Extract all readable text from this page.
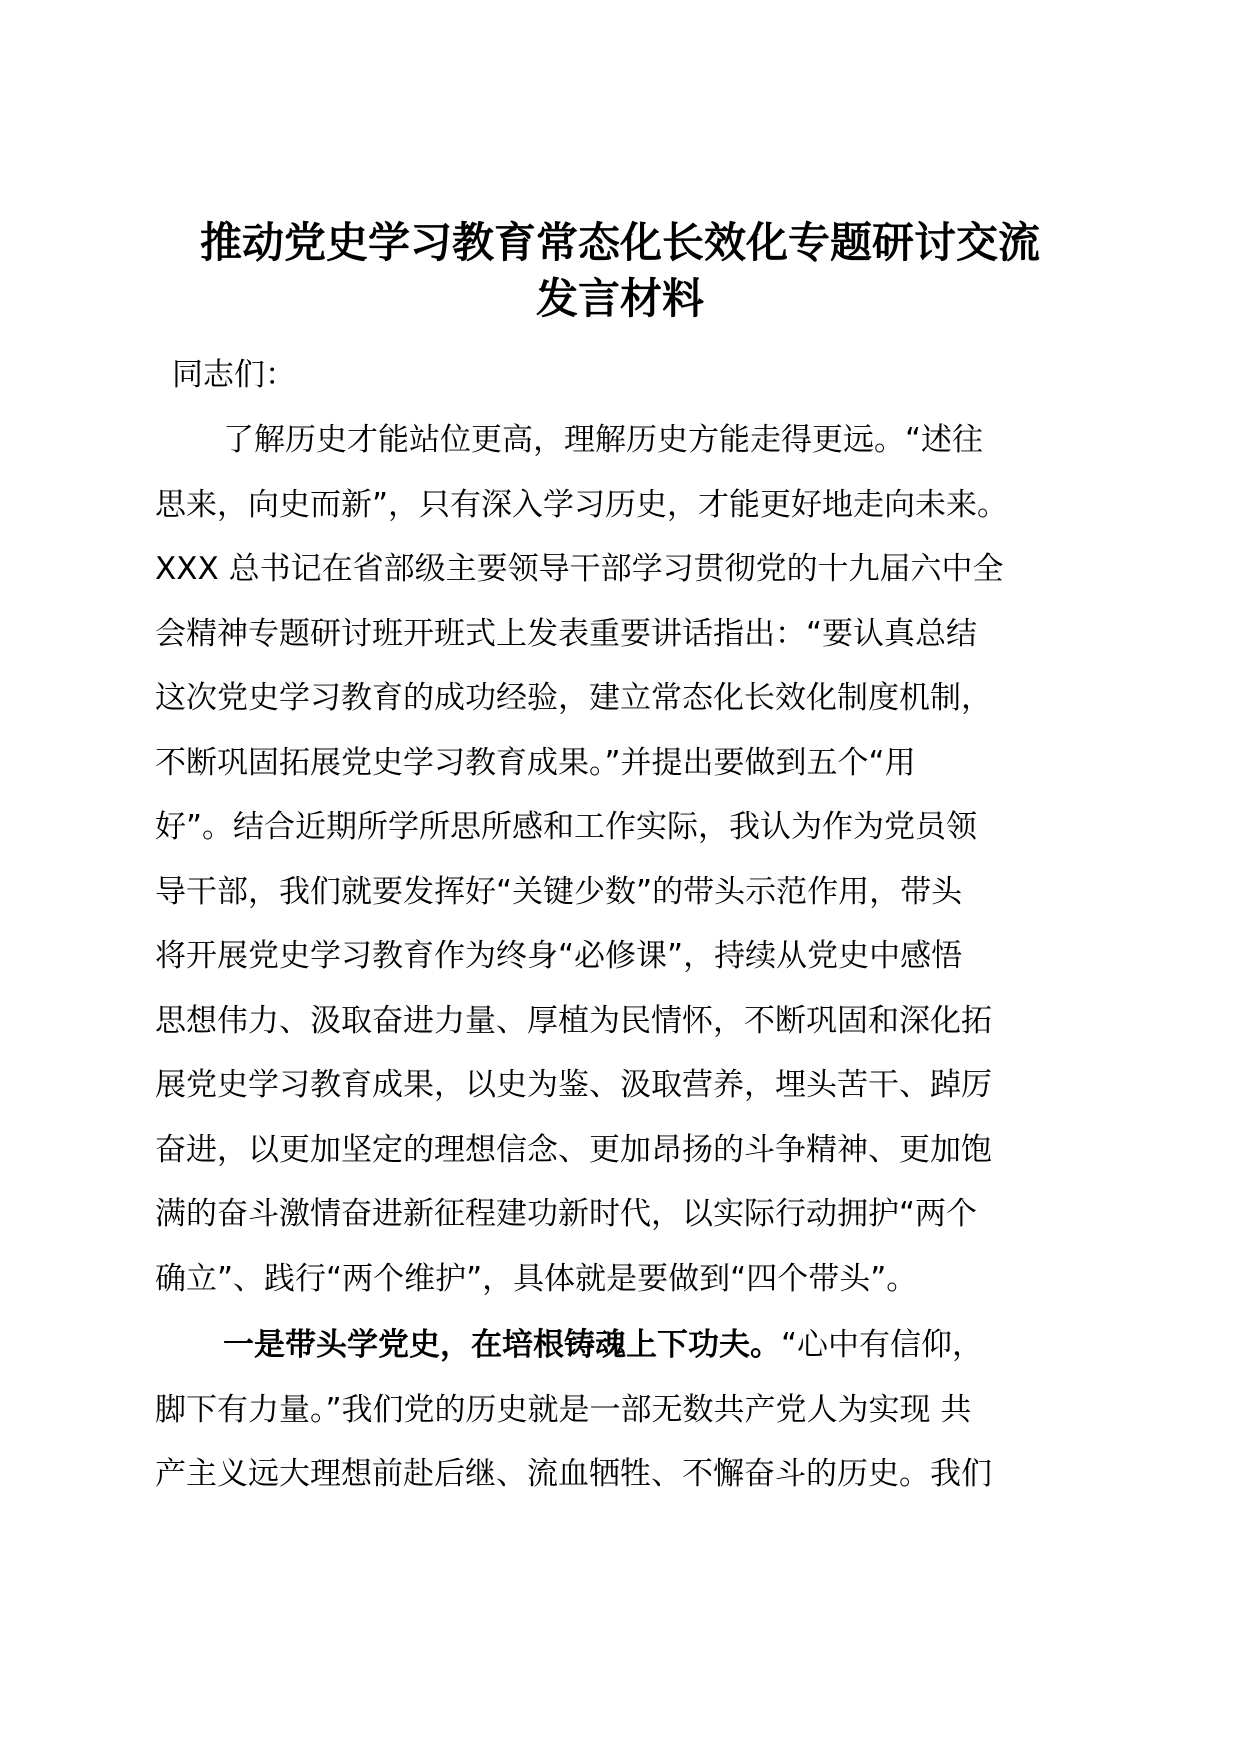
推动党史学习教育常态化长效化专题研讨交流
发言材料

同志们：

了解历史才能站位更高，理解历史方能走得更远。“述往
思来，向史而新”，只有深入学习历史，才能更好地走向未来。
XXX 总书记在省部级主要领导干部学习贯彻党的十九届六中全
会精神专题研讨班开班式上发表重要讲话指出：“要认真总结
这次党史学习教育的成功经验，建立常态化长效化制度机制，
不断巩固拓展党史学习教育成果。”并提出要做到五个“用
好”。结合近期所学所思所感和工作实际，我认为作为党员领
导干部，我们就要发挥好“关键少数”的带头示范作用，带头
将开展党史学习教育作为终身“必修课”，持续从党史中感悟
思想伟力、汲取奋进力量、厚植为民情怀，不断巩固和深化拓
展党史学习教育成果，以史为鉴、汲取营养，埋头苦干、踔厉
奋进，以更加坚定的理想信念、更加昂扬的斗争精神、更加饱
满的奋斗激情奋进新征程建功新时代，以实际行动拥护“两个
确立”、践行“两个维护”，具体就是要做到“四个带头”。
一是带头学党史，在培根铸魂上下功夫。“心中有信仰，
脚下有力量。”我们党的历史就是一部无数共产党人为实现 共
产主义远大理想前赴后继、流血牺牲、不懈奋斗的历史。我们
